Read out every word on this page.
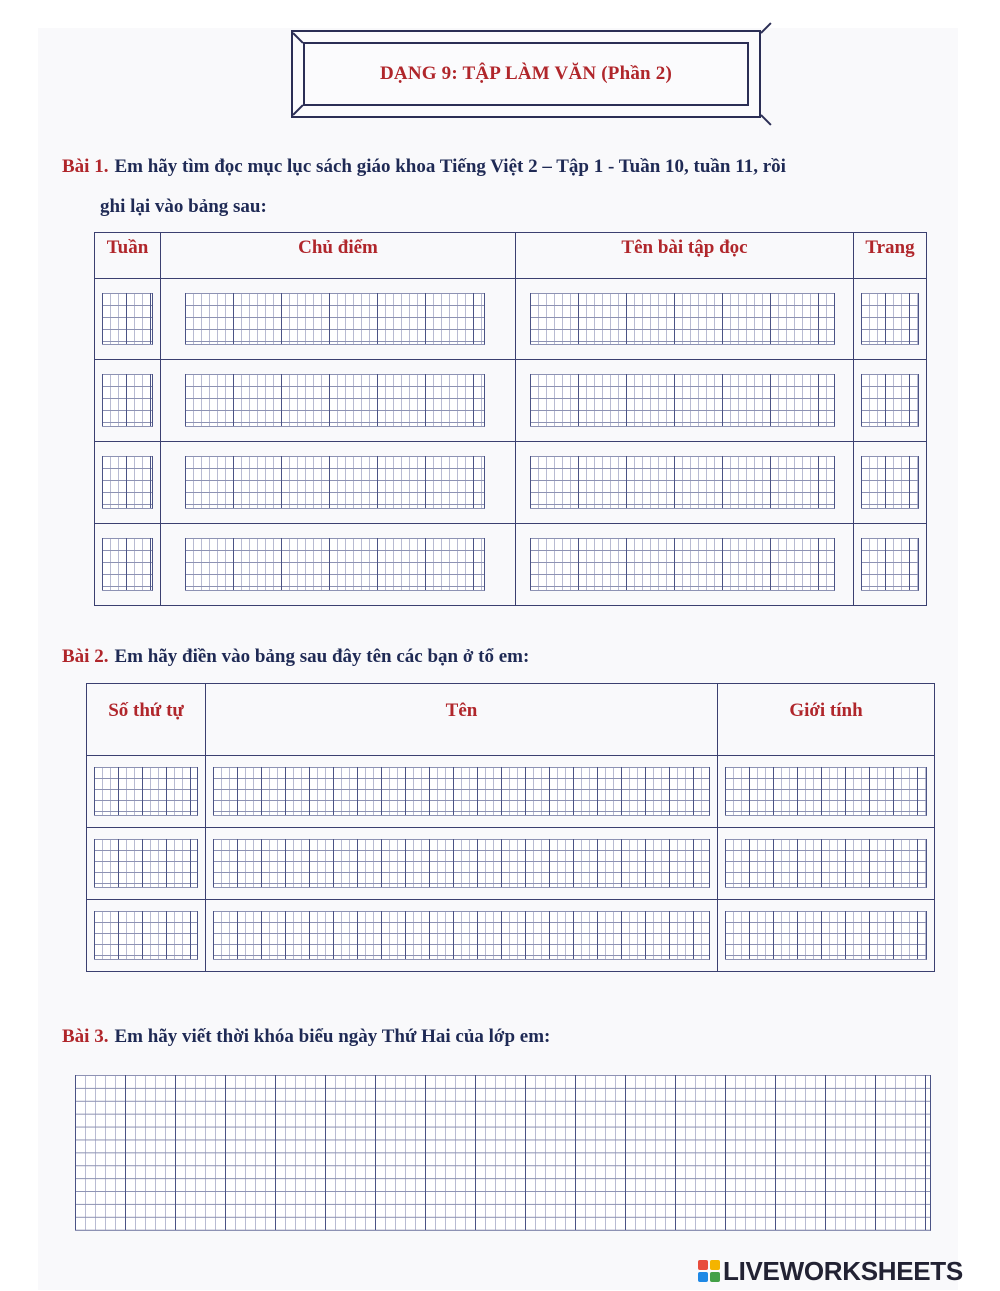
DẠNG 9: TẬP LÀM VĂN (Phần 2)
Bài 1. Em hãy tìm đọc mục lục sách giáo khoa Tiếng Việt 2 – Tập 1 - Tuần 10, tuần 11, rồi
ghi lại vào bảng sau:
Tuần	Chủ điểm	Tên bài tập đọc	Trang

Bài 2. Em hãy điền vào bảng sau đây tên các bạn ở tổ em:
Số thứ tự	Tên	Giới tính

Bài 3. Em hãy viết thời khóa biểu ngày Thứ Hai của lớp em:
LIVEWORKSHEETS
